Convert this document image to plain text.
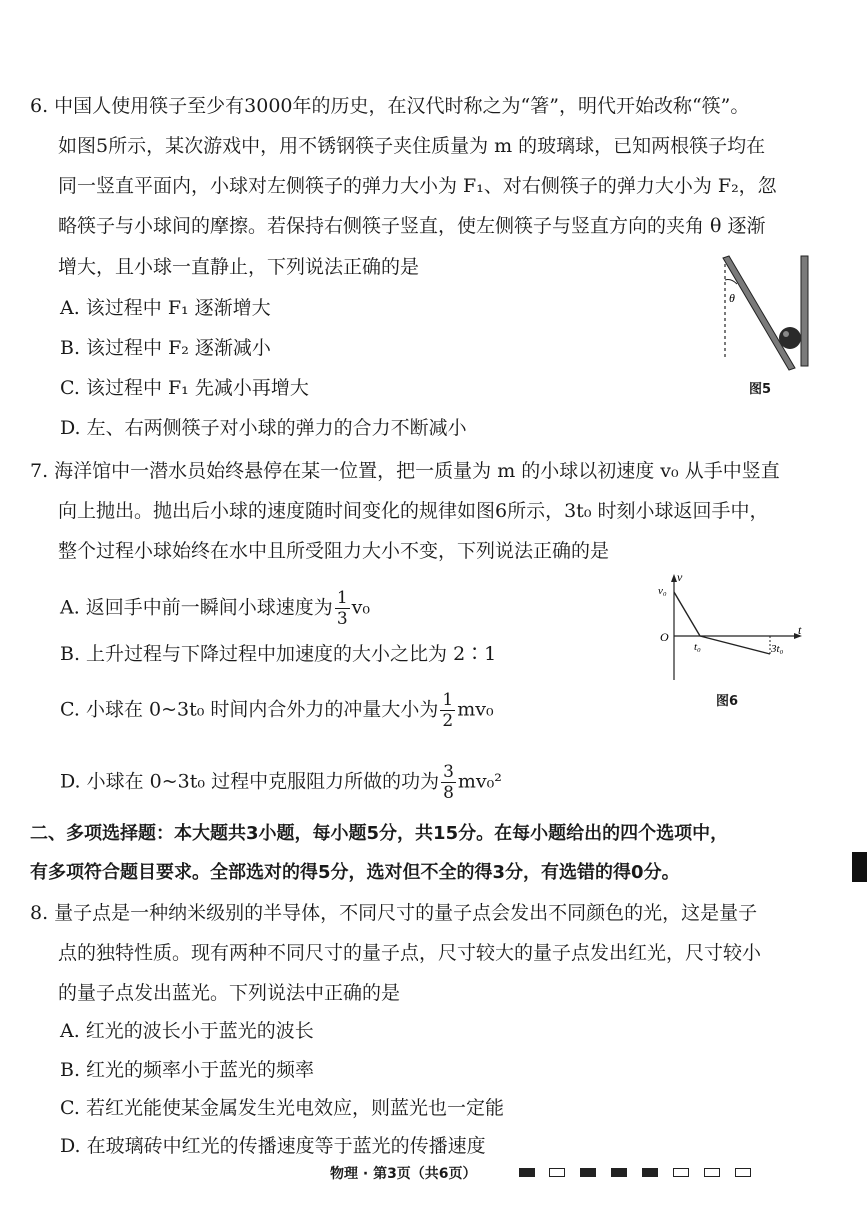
6. 中国人使用筷子至少有3000年的历史，在汉代时称之为“箸”，明代开始改称“筷”。
如图5所示，某次游戏中，用不锈钢筷子夹住质量为 m 的玻璃球，已知两根筷子均在
同一竖直平面内，小球对左侧筷子的弹力大小为 F₁、对右侧筷子的弹力大小为 F₂，忽
略筷子与小球间的摩擦。若保持右侧筷子竖直，使左侧筷子与竖直方向的夹角 θ 逐渐
增大，且小球一直静止，下列说法正确的是
A. 该过程中 F₁ 逐渐增大
B. 该过程中 F₂ 逐渐减小
C. 该过程中 F₁ 先减小再增大
D. 左、右两侧筷子对小球的弹力的合力不断减小
θ
图5
7. 海洋馆中一潜水员始终悬停在某一位置，把一质量为 m 的小球以初速度 v₀ 从手中竖直
向上抛出。抛出后小球的速度随时间变化的规律如图6所示，3t₀ 时刻小球返回手中，
整个过程小球始终在水中且所受阻力大小不变，下列说法正确的是
A. 返回手中前一瞬间小球速度为 $\frac{1}{3} v_0$
B. 上升过程与下降过程中加速度的大小之比为 2∶1
C. 小球在 0~3t₀ 时间内合外力的冲量大小为 $\frac{1}{2} mv_0$
D. 小球在 0~3t₀ 过程中克服阻力所做的功为 $\frac{3}{8} mv_0^2$
v₀
v
O
t₀	3t₀
t
图6
二、多项选择题：本大题共3小题，每小题5分，共15分。在每小题给出的四个选项中，
有多项符合题目要求。全部选对的得5分，选对但不全的得3分，有选错的得0分。
8. 量子点是一种纳米级别的半导体，不同尺寸的量子点会发出不同颜色的光，这是量子
点的独特性质。现有两种不同尺寸的量子点，尺寸较大的量子点发出红光，尺寸较小
的量子点发出蓝光。下列说法中正确的是
A. 红光的波长小于蓝光的波长
B. 红光的频率小于蓝光的频率
C. 若红光能使某金属发生光电效应，则蓝光也一定能
D. 在玻璃砖中红光的传播速度等于蓝光的传播速度
物理 · 第3页（共6页）
